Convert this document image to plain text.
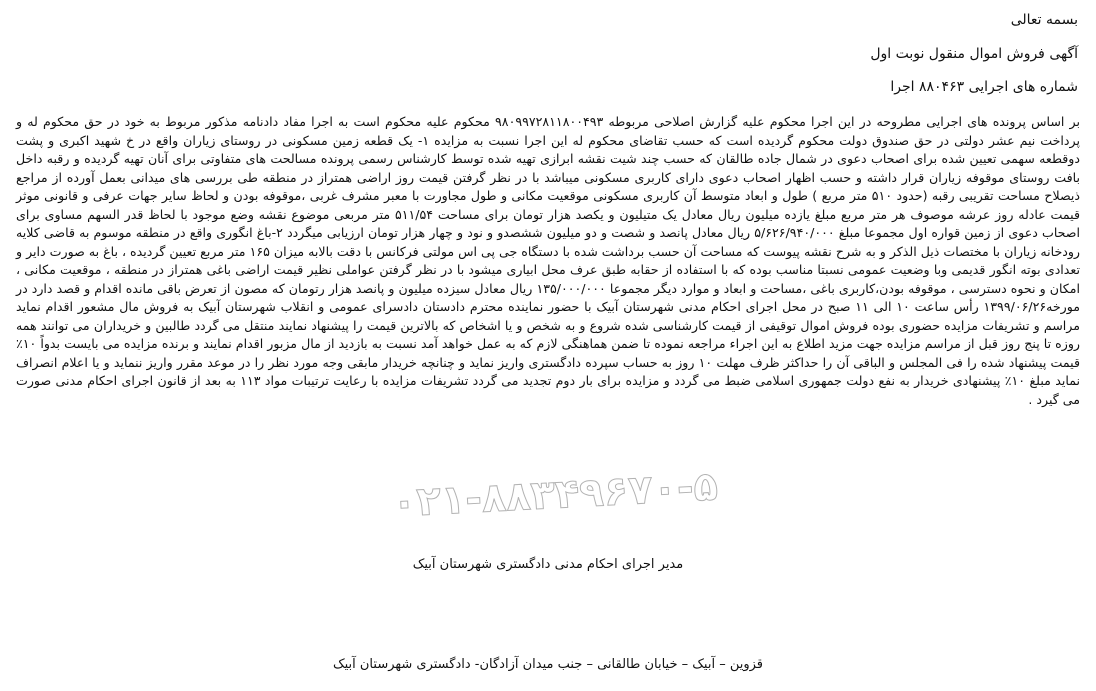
بسمه تعالی
آگهی فروش اموال منقول نوبت اول
شماره های اجرایی ۸۸۰۴۶۳ اجرا
بر اساس پرونده های اجرایی مطروحه در این اجرا محکوم علیه گزارش اصلاحی مربوطه ۹۸۰۹۹۷۲۸۱۱۸۰۰۴۹۳ محکوم علیه محکوم است به اجرا مفاد دادنامه مذکور مربوط به خود در حق محکوم له و پرداخت نیم عشر دولتی در حق صندوق دولت محکوم گردیده است که حسب تقاضای محکوم له این اجرا نسبت به مزایده ۱- یک قطعه زمین مسکونی در روستای زیاران واقع در خ شهید اکبری و پشت دوقطعه سهمی تعیین شده برای اصحاب دعوی در شمال جاده طالقان که حسب چند شیت نقشه ابرازی تهیه شده توسط کارشناس رسمی پرونده مسالحت های متفاوتی برای آنان تهیه گردیده و رقبه داخل بافت روستای موقوفه زیاران قرار داشته و حسب اظهار اصحاب دعوی دارای کاربری مسکونی میباشد با در نظر گرفتن قیمت روز اراضی همتراز در منطقه طی بررسی های میدانی بعمل آورده از مراجع ذیصلاح مساحت تقریبی رقبه (حدود ۵۱۰ متر مربع ) طول و ابعاد متوسط آن کاربری مسکونی موقعیت مکانی و طول مجاورت با معبر مشرف غربی ،موقوفه بودن و لحاظ سایر جهات عرفی و قانونی موثر قیمت عادله روز عرشه موصوف هر متر مربع مبلغ یازده میلیون ریال معادل یک متیلیون و یکصد هزار تومان برای مساحت ۵۱۱/۵۴ متر مربعی موضوع نقشه وضع موجود با لحاظ قدر السهم مساوی برای اصحاب دعوی از زمین قواره اول مجموعا مبلغ ۵/۶۲۶/۹۴۰/۰۰۰ ریال معادل پانصد و شصت و دو میلیون ششصدو و نود و چهار هزار تومان ارزیابی میگردد ۲-باغ انگوری واقع در منطقه موسوم به قاضی کلایه رودخانه زیاران با مختصات ذیل الذکر و به شرح نقشه پیوست که مساحت آن حسب برداشت شده با دستگاه جی پی اس مولتی فرکانس با دقت بالابه میزان ۱۶۵ متر مربع تعیین گردیده ، باغ به صورت دایر و تعدادی بوته انگور قدیمی وبا وضعیت عمومی نسبتا مناسب بوده که با استفاده از حقابه طبق عرف محل ابیاری میشود با در نظر گرفتن عواملی نظیر قیمت اراضی باغی همتراز در منطقه ، موقعیت مکانی ، امکان و نحوه دسترسی ، موقوفه بودن،کاربری باغی ،مساحت و ابعاد و موارد دیگر مجموعا ۱۳۵/۰۰۰/۰۰۰ ریال معادل سیزده میلیون و پانصد هزار رتومان که مصون از تعرض باقی مانده اقدام و قصد دارد در مورخه۱۳۹۹/۰۶/۲۶ رأس ساعت ۱۰ الی ۱۱ صبح در محل اجرای احکام مدنی شهرستان آبیک با حضور نماینده محترم دادستان دادسرای عمومی و انقلاب شهرستان آبیک به فروش مال مشعور اقدام نماید مراسم و تشریفات مزایده حضوری بوده فروش اموال توقیفی از قیمت کارشناسی شده شروع و به شخص و یا اشخاص که بالاترین قیمت را پیشنهاد نمایند منتقل می گردد طالبین و خریداران می توانند همه روزه تا پنج روز قبل از مراسم مزایده جهت مزید اطلاع به این اجراء مراجعه نموده تا ضمن هماهنگی لازم که به عمل خواهد آمد نسبت به بازدید از مال مزبور اقدام نمایند و برنده مزایده می بایست بدواً ۱۰٪ قیمت پیشنهاد شده را فی المجلس و الباقی آن را حداکثر ظرف مهلت ۱۰ روز به حساب سپرده دادگستری واریز نماید و چنانچه خریدار مابقی وجه مورد نظر را در موعد مقرر واریز ننماید و یا اعلام انصراف نماید مبلغ ۱۰٪ پیشنهادی خریدار به نفع دولت جمهوری اسلامی ضبط می گردد و مزایده برای بار دوم تجدید می گردد تشریفات مزایده با رعایت ترتیبات مواد ۱۱۳ به بعد از قانون اجرای احکام مدنی صورت می گیرد .
۰۲۱-۸۸۳۴۹۶۷۰-۵
مدیر اجرای احکام مدنی دادگستری شهرستان آبیک
قزوین – آبیک – خیابان طالقانی – جنب میدان آزادگان- دادگستری شهرستان آبیک
